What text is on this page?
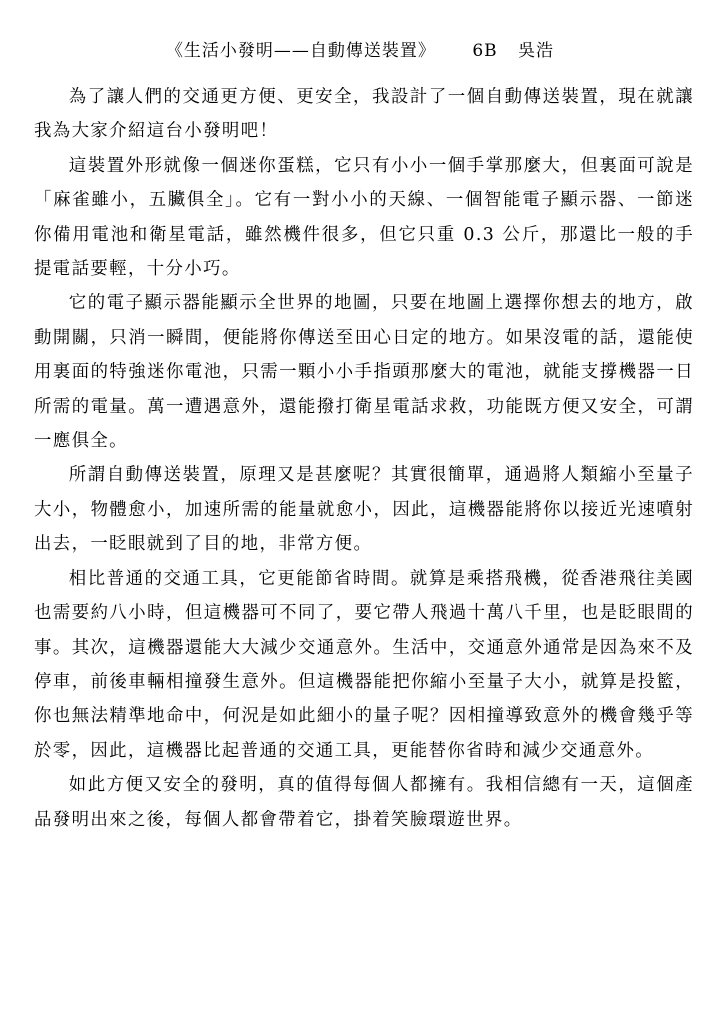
《生活小發明——自動傳送裝置》 6B 吳浩

為了讓人們的交通更方便、更安全，我設計了一個自動傳送裝置，現在就讓我為大家介紹這台小發明吧！

這裝置外形就像一個迷你蛋糕，它只有小小一個手掌那麼大，但裏面可說是「麻雀雖小，五臟俱全」。它有一對小小的天線、一個智能電子顯示器、一節迷你備用電池和衛星電話，雖然機件很多，但它只重 0.3 公斤，那還比一般的手提電話要輕，十分小巧。

它的電子顯示器能顯示全世界的地圖，只要在地圖上選擇你想去的地方，啟動開關，只消一瞬間，便能將你傳送至田心日定的地方。如果沒電的話，還能使用裏面的特強迷你電池，只需一顆小小手指頭那麼大的電池，就能支撐機器一日所需的電量。萬一遭遇意外，還能撥打衛星電話求救，功能既方便又安全，可謂一應俱全。

所謂自動傳送裝置，原理又是甚麼呢？其實很簡單，通過將人類縮小至量子大小，物體愈小，加速所需的能量就愈小，因此，這機器能將你以接近光速噴射出去，一眨眼就到了目的地，非常方便。

相比普通的交通工具，它更能節省時間。就算是乘搭飛機，從香港飛往美國也需要約八小時，但這機器可不同了，要它帶人飛過十萬八千里，也是眨眼間的事。其次，這機器還能大大減少交通意外。生活中，交通意外通常是因為來不及停車，前後車輛相撞發生意外。但這機器能把你縮小至量子大小，就算是投籃，你也無法精準地命中，何況是如此細小的量子呢？因相撞導致意外的機會幾乎等於零，因此，這機器比起普通的交通工具，更能替你省時和減少交通意外。

如此方便又安全的發明，真的值得每個人都擁有。我相信總有一天，這個產品發明出來之後，每個人都會帶着它，掛着笑臉環遊世界。
